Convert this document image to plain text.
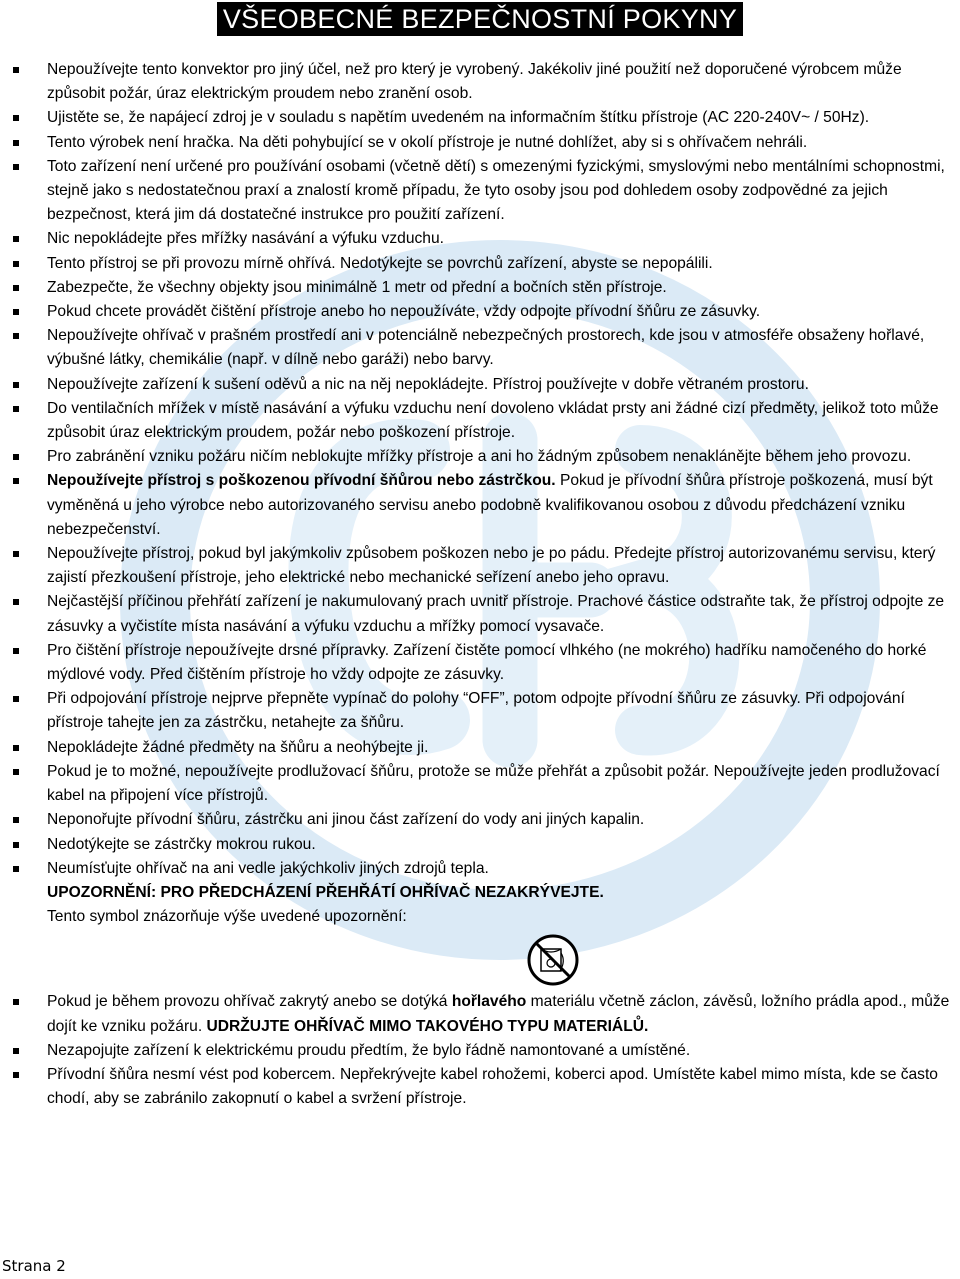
VŠEOBECNÉ BEZPEČNOSTNÍ POKYNY
Nepoužívejte tento konvektor pro jiný účel, než pro který je vyrobený. Jakékoliv jiné použití než doporučené výrobcem může způsobit požár, úraz elektrickým proudem nebo zranění osob.
Ujistěte se, že napájecí zdroj je v souladu s napětím uvedeném na informačním štítku přístroje (AC 220-240V~ / 50Hz).
Tento výrobek není hračka. Na děti pohybující se v okolí přístroje je nutné dohlížet, aby si s ohřívačem nehráli.
Toto zařízení není určené pro používání osobami (včetně dětí) s omezenými fyzickými, smyslovými nebo mentálními schopnostmi, stejně jako s nedostatečnou praxí a znalostí kromě případu, že tyto osoby jsou pod dohledem osoby zodpovědné za jejich bezpečnost, která jim dá dostatečné instrukce pro použití zařízení.
Nic nepokládejte přes mřížky nasávání a výfuku vzduchu.
Tento přístroj se při provozu mírně ohřívá. Nedotýkejte se povrchů zařízení, abyste se nepopálili.
Zabezpečte, že všechny objekty jsou minimálně 1 metr od přední a bočních stěn přístroje.
Pokud chcete provádět čištění přístroje anebo ho nepoužíváte, vždy odpojte přívodní šňůru ze zásuvky.
Nepoužívejte ohřívač v prašném prostředí ani v potenciálně nebezpečných prostorech, kde jsou v atmosféře obsaženy hořlavé, výbušné látky, chemikálie (např. v dílně nebo garáži) nebo barvy.
Nepoužívejte zařízení k sušení oděvů a nic na něj nepokládejte. Přístroj používejte v dobře větraném prostoru.
Do ventilačních mřížek v místě nasávání a výfuku vzduchu není dovoleno vkládat prsty ani žádné cizí předměty, jelikož toto může způsobit úraz elektrickým proudem, požár nebo poškození přístroje.
Pro zabránění vzniku požáru ničím neblokujte mřížky přístroje a ani ho žádným způsobem nenaklánějte během jeho provozu.
Nepoužívejte přístroj s poškozenou přívodní šňůrou nebo zástrčkou. Pokud je přívodní šňůra přístroje poškozená, musí být vyměněná u jeho výrobce nebo autorizovaného servisu anebo podobně kvalifikovanou osobou z důvodu předcházení vzniku nebezpečenství.
Nepoužívejte přístroj, pokud byl jakýmkoliv způsobem poškozen nebo je po pádu. Předejte přístroj autorizovanému servisu, který zajistí přezkoušení přístroje, jeho elektrické nebo mechanické seřízení anebo jeho opravu.
Nejčastější příčinou přehřátí zařízení je nakumulovaný prach uvnitř přístroje. Prachové částice odstraňte tak, že přístroj odpojte ze zásuvky a vyčistíte místa nasávání a výfuku vzduchu a mřížky pomocí vysavače.
Pro čištění přístroje nepoužívejte drsné přípravky. Zařízení čistěte pomocí vlhkého (ne mokrého) hadříku namočeného do horké mýdlové vody. Před čištěním přístroje ho vždy odpojte ze zásuvky.
Při odpojování přístroje nejprve přepněte vypínač do polohy “OFF”, potom odpojte přívodní šňůru ze zásuvky. Při odpojování přístroje tahejte jen za zástrčku, netahejte za šňůru.
Nepokládejte žádné předměty na šňůru a neohýbejte ji.
Pokud je to možné, nepoužívejte prodlužovací šňůru, protože se může přehřát a způsobit požár. Nepoužívejte jeden prodlužovací kabel na připojení více přístrojů.
Neponořujte přívodní šňůru, zástrčku ani jinou část zařízení do vody ani jiných kapalin.
Nedotýkejte se zástrčky mokrou rukou.
Neumísťujte ohřívač na ani vedle jakýchkoliv jiných zdrojů tepla.
UPOZORNĚNÍ: PRO PŘEDCHÁZENÍ PŘEHŘÁTÍ OHŘÍVAČ NEZAKRÝVEJTE.
Tento symbol znázorňuje výše uvedené upozornění:
Pokud je během provozu ohřívač zakrytý anebo se dotýká hořlavého materiálu včetně záclon, závěsů, ložního prádla apod., může dojít ke vzniku požáru. UDRŽUJTE OHŘÍVAČ MIMO TAKOVÉHO TYPU MATERIÁLŮ.
Nezapojujte zařízení k elektrickému proudu předtím, že bylo řádně namontované a umístěné.
Přívodní šňůra nesmí vést pod kobercem. Nepřekrývejte kabel rohožemi, koberci apod. Umístěte kabel mimo místa, kde se často chodí, aby se zabránilo zakopnutí o kabel a svržení přístroje.
Strana 2
